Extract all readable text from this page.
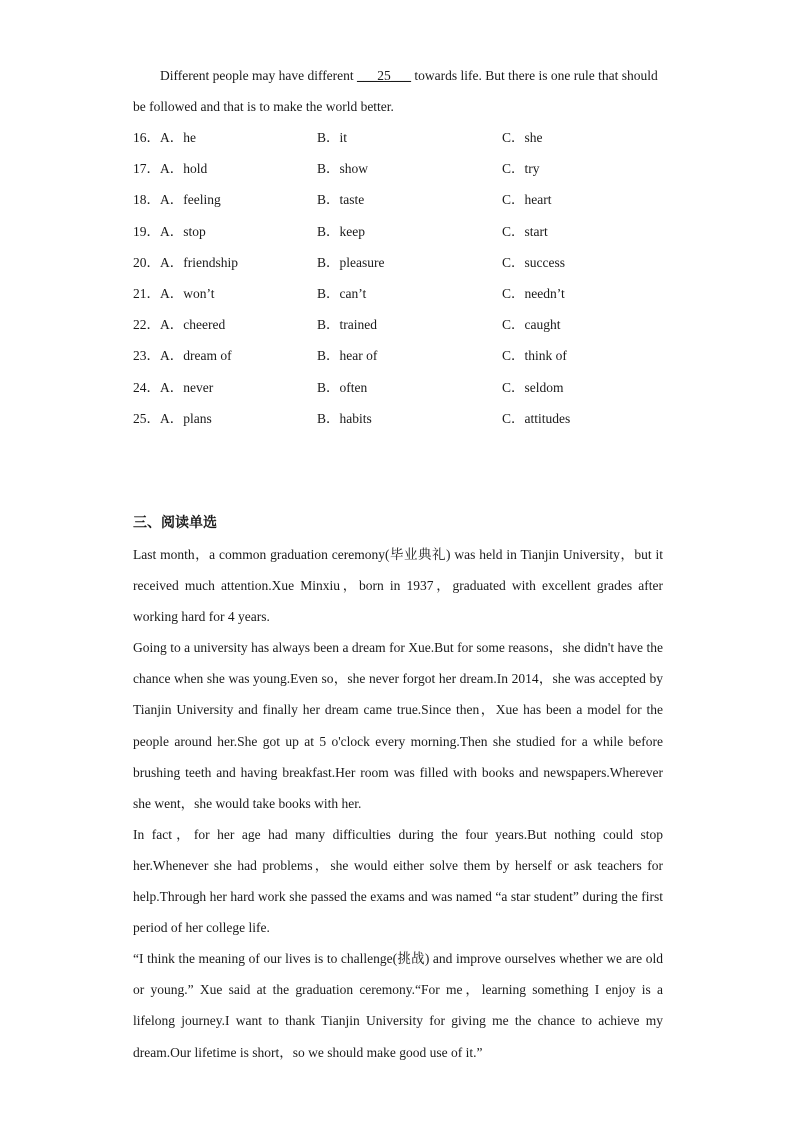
Different people may have different ___25___ towards life. But there is one rule that should be followed and that is to make the world better.

16． A．he	B．it	C．she
17． A．hold	B．show	C．try
18． A．feeling	B．taste	C．heart
19． A．stop	B．keep	C．start
20． A．friendship	B．pleasure	C．success
21． A．won’t	B．can’t	C．needn’t
22． A．cheered	B．trained	C．caught
23． A．dream of	B．hear of	C．think of
24． A．never	B．often	C．seldom
25． A．plans	B．habits	C．attitudes
三、阅读单选

Last month，a common graduation ceremony(毕业典礼) was held in Tianjin University，but it received much attention.Xue Minxiu，born in 1937，graduated with excellent grades after working hard for 4 years.

Going to a university has always been a dream for Xue.But for some reasons，she didn't have the chance when she was young.Even so，she never forgot her dream.In 2014，she was accepted by Tianjin University and finally her dream came true.Since then，Xue has been a model for the people around her.She got up at 5 o'clock every morning.Then she studied for a while before brushing teeth and having breakfast.Her room was filled with books and newspapers.Wherever she went，she would take books with her.

In fact，for her age had many difficulties during the four years.But nothing could stop her.Whenever she had problems，she would either solve them by herself or ask teachers for help.Through her hard work she passed the exams and was named “a star student” during the first period of her college life.

“I think the meaning of our lives is to challenge(挑战) and improve ourselves whether we are old or young.” Xue said at the graduation ceremony.“For me，learning something I enjoy is a lifelong journey.I want to thank Tianjin University for giving me the chance to achieve my dream.Our lifetime is short，so we should make good use of it.”
